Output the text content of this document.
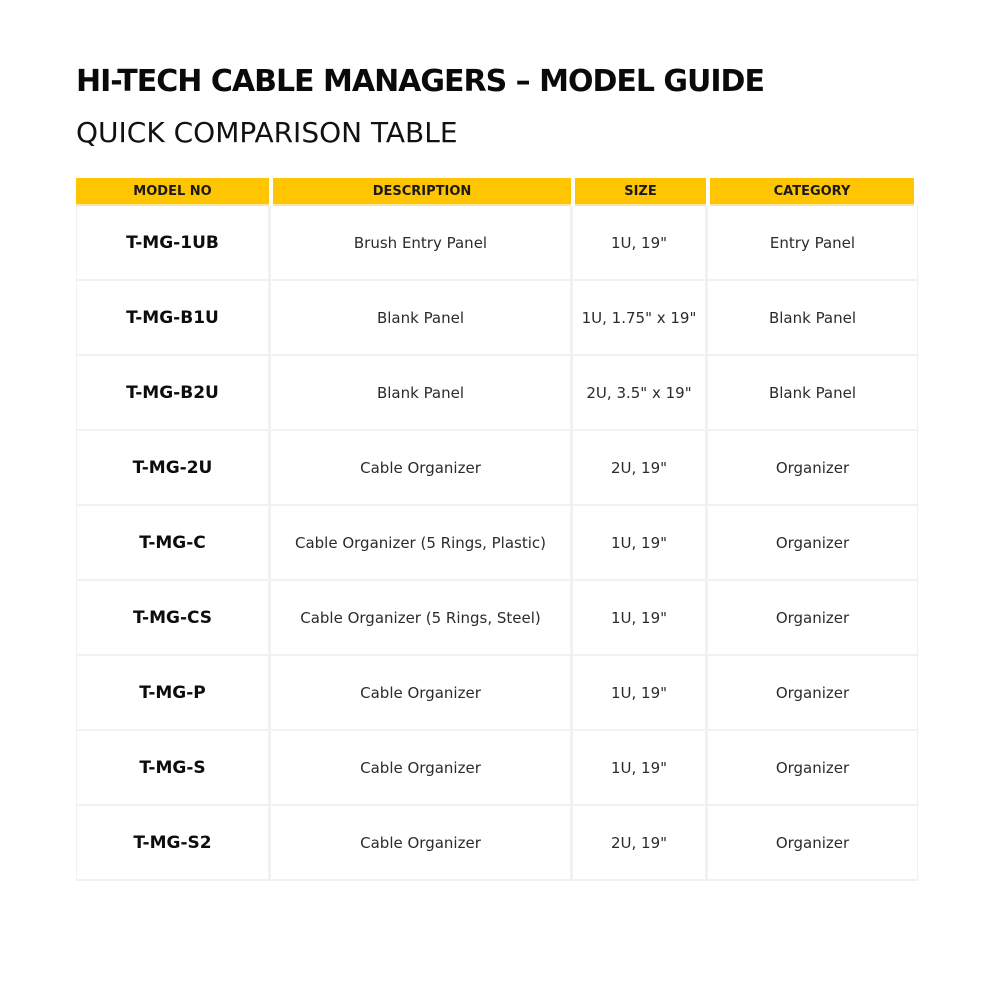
HI-TECH CABLE MANAGERS – MODEL GUIDE
QUICK COMPARISON TABLE
MODEL NO	DESCRIPTION	SIZE	CATEGORY
T-MG-1UB	Brush Entry Panel	1U, 19"	Entry Panel
T-MG-B1U	Blank Panel	1U, 1.75" x 19"	Blank Panel
T-MG-B2U	Blank Panel	2U, 3.5" x 19"	Blank Panel
T-MG-2U	Cable Organizer	2U, 19"	Organizer
T-MG-C	Cable Organizer (5 Rings, Plastic)	1U, 19"	Organizer
T-MG-CS	Cable Organizer (5 Rings, Steel)	1U, 19"	Organizer
T-MG-P	Cable Organizer	1U, 19"	Organizer
T-MG-S	Cable Organizer	1U, 19"	Organizer
T-MG-S2	Cable Organizer	2U, 19"	Organizer
